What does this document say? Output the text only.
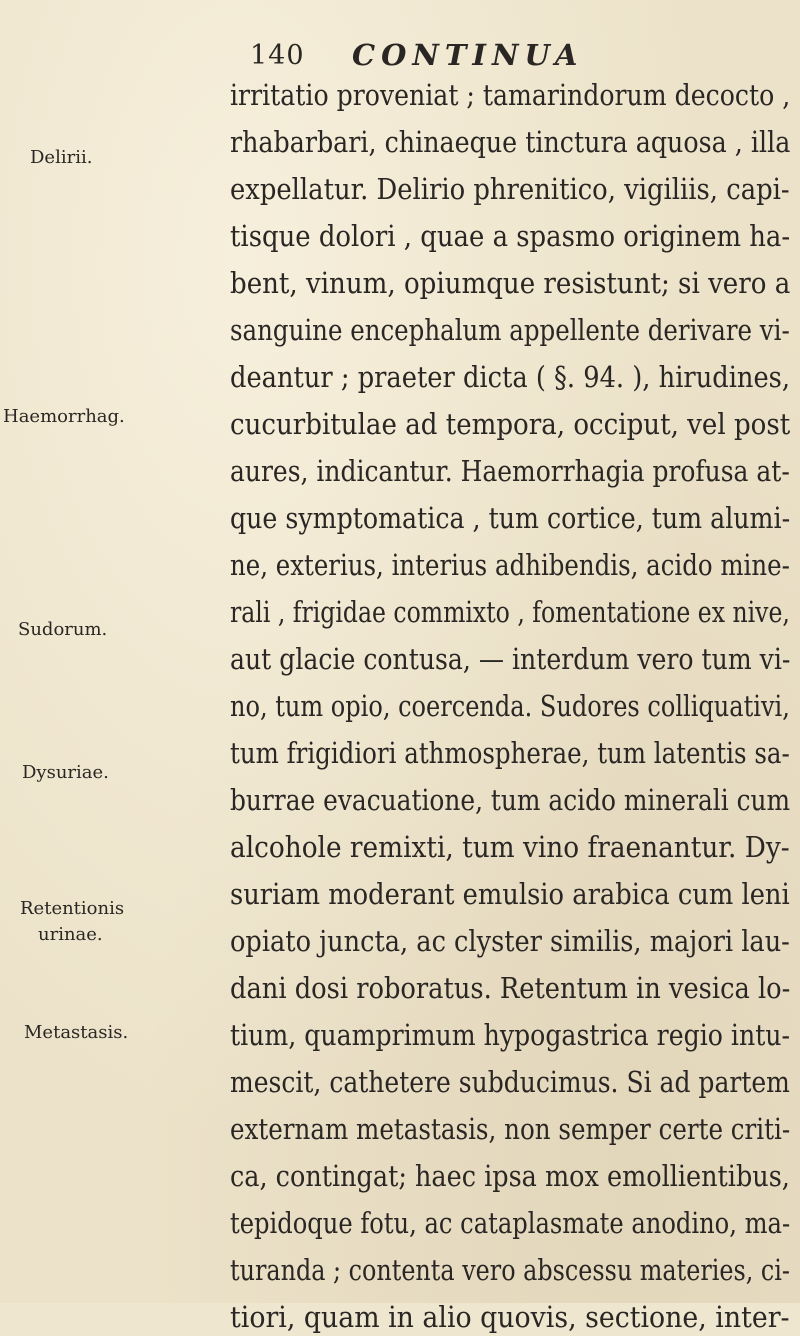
140 CONTINUA
Delirii.
Haemorrhag.
Sudorum.
Dysuriae.
Retentionis
urinae.
Metastasis.
irritatio proveniat ; tamarindorum decocto ,
rhabarbari, chinaeque tinctura aquosa , illa
expellatur. Delirio phrenitico, vigiliis, capi-
tisque dolori , quae a spasmo originem ha-
bent, vinum, opiumque resistunt; si vero a
sanguine encephalum appellente derivare vi-
deantur ; praeter dicta ( §. 94. ), hirudines,
cucurbitulae ad tempora, occiput, vel post
aures, indicantur. Haemorrhagia profusa at-
que symptomatica , tum cortice, tum alumi-
ne, exterius, interius adhibendis, acido mine-
rali , frigidae commixto , fomentatione ex nive,
aut glacie contusa, — interdum vero tum vi-
no, tum opio, coercenda. Sudores colliquativi,
tum frigidiori athmospherae, tum latentis sa-
burrae evacuatione, tum acido minerali cum
alcohole remixti, tum vino fraenantur. Dy-
suriam moderant emulsio arabica cum leni
opiato juncta, ac clyster similis, majori lau-
dani dosi roboratus. Retentum in vesica lo-
tium, quamprimum hypogastrica regio intu-
mescit, cathetere subducimus. Si ad partem
externam metastasis, non semper certe criti-
ca, contingat; haec ipsa mox emollientibus,
tepidoque fotu, ac cataplasmate anodino, ma-
turanda ; contenta vero abscessu materies, ci-
tiori, quam in alio quovis, sectione, inter-
